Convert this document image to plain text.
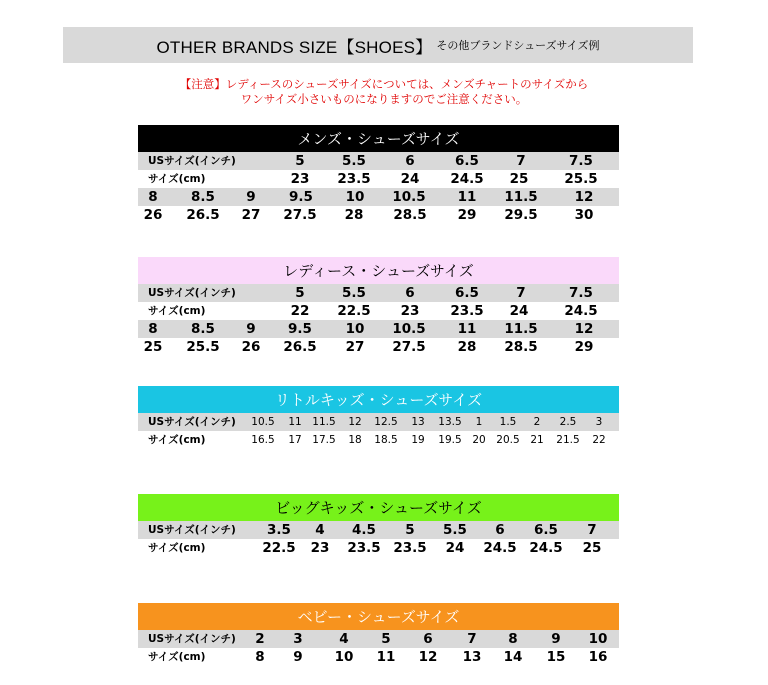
OTHER BRANDS SIZE【SHOES】 その他ブランドシューズサイズ例
【注意】レディースのシューズサイズについては、メンズチャートのサイズから
ワンサイズ小さいものになりますのでご注意ください。
メンズ・シューズサイズ
USサイズ(インチ)	5	5.5	6	6.5	7	7.5
サイズ(cm)	23 23.5 24 24.5 25	25.5
8 8.5 9 9.5 10 10.5 11 11.5	12
26 26.5 27 27.5 28 28.5 29 29.5	30
レディース・シューズサイズ
USサイズ(インチ)	5	5.5	6	6.5	7	7.5
サイズ(cm)	22 22.5 23 23.5 24	24.5
8 8.5 9 9.5 10 10.5 11 11.5	12
25 25.5 26 26.5 27 27.5 28 28.5	29
リトルキッズ・シューズサイズ
USサイズ(インチ) 10.5 11 11.5 12 12.5 13 13.5 1 1.5 2 2.5 3
サイズ(cm)	16.5 17 17.5 18 18.5 19 19.5 20 20.5 21 21.5 22
ビッグキッズ・シューズサイズ
USサイズ(インチ) 3.5 4 4.5 5 5.5 6 6.5 7
サイズ(cm)	22.5 23 23.5 23.5 24 24.5 24.5 25
ベビー・シューズサイズ
USサイズ(インチ) 2 3	4 5 6	7 8 9 10
サイズ(cm)	8 9 10 11 12 13 14 15 16
